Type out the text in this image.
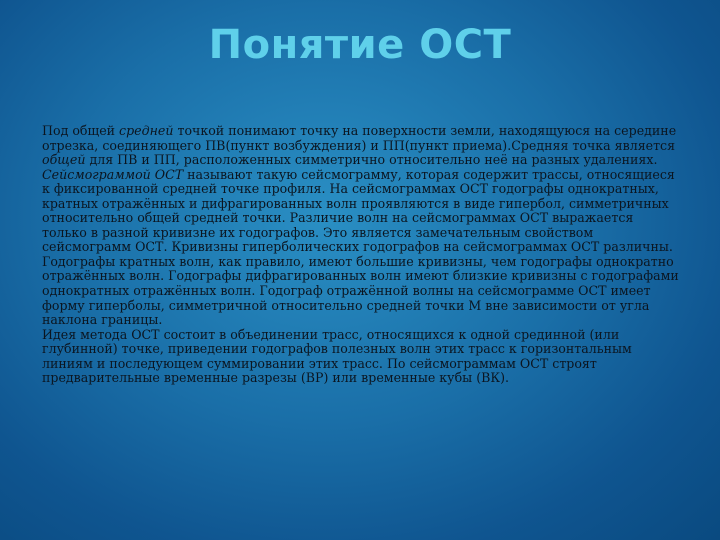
Понятие ОСТ

Под общей средней точкой понимают точку на поверхности земли, находящуюся на середине отрезка, соединяющего ПВ(пункт возбуждения) и ПП(пункт приема).Средняя точка является общей для ПВ и ПП, расположенных симметрично относительно неё на разных удалениях.

Сейсмограммой ОСТ называют такую сейсмограмму, которая содержит трассы, относящиеся к фиксированной средней точке профиля. На сейсмограммах ОСТ годографы однократных, кратных отражённых и дифрагированных волн проявляются в виде гипербол, симметричных относительно общей средней точки. Различие волн на сейсмограммах ОСТ выражается только в разной кривизне их годографов. Это является замечательным свойством сейсмограмм ОСТ. Кривизны гиперболических годографов на сейсмограммах ОСТ различны. Годографы кратных волн, как правило, имеют большие кривизны, чем годографы однократно отражённых волн. Годографы дифрагированных волн имеют близкие кривизны с годографами однократных отражённых волн. Годограф отражённой волны на сейсмограмме ОСТ имеет форму гиперболы, симметричной относительно средней точки М вне зависимости от угла наклона границы.

Идея метода ОСТ состоит в объединении трасс, относящихся к одной срединной (или глубинной) точке, приведении годографов полезных волн этих трасс к горизонтальным линиям и последующем суммировании этих трасс. По сейсмограммам ОСТ строят предварительные временные разрезы (ВР) или временные кубы (ВК).
